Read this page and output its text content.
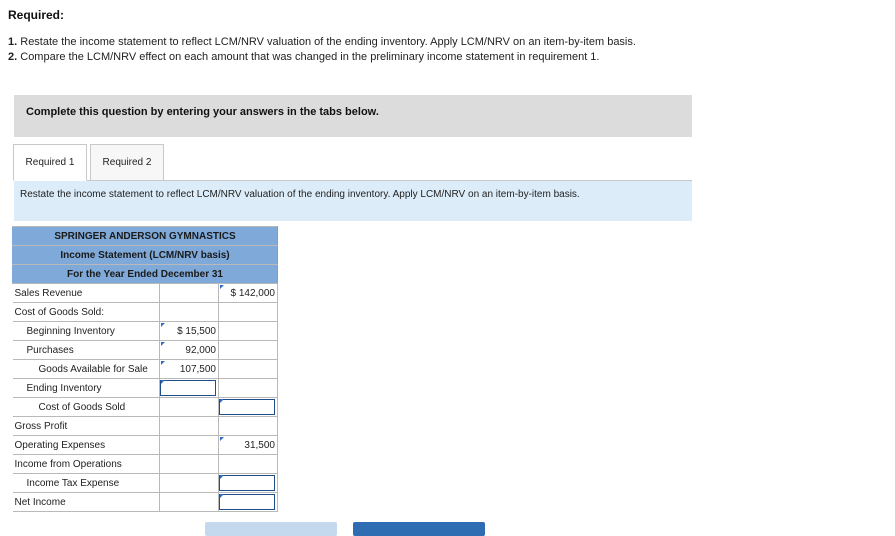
Required:
1. Restate the income statement to reflect LCM/NRV valuation of the ending inventory. Apply LCM/NRV on an item-by-item basis.
2. Compare the LCM/NRV effect on each amount that was changed in the preliminary income statement in requirement 1.
Complete this question by entering your answers in the tabs below.
Required 1	Required 2
Restate the income statement to reflect LCM/NRV valuation of the ending inventory. Apply LCM/NRV on an item-by-item basis.
SPRINGER ANDERSON GYMNASTICS		
Income Statement (LCM/NRV basis)		
For the Year Ended December 31		
Sales Revenue		$ 142,000
Cost of Goods Sold:		
Beginning Inventory	$ 15,500	
Purchases	92,000	
Goods Available for Sale	107,500	
Ending Inventory	

Cost of Goods Sold		

Gross Profit		
Operating Expenses		31,500
Income from Operations		
Income Tax Expense		

Net Income		
